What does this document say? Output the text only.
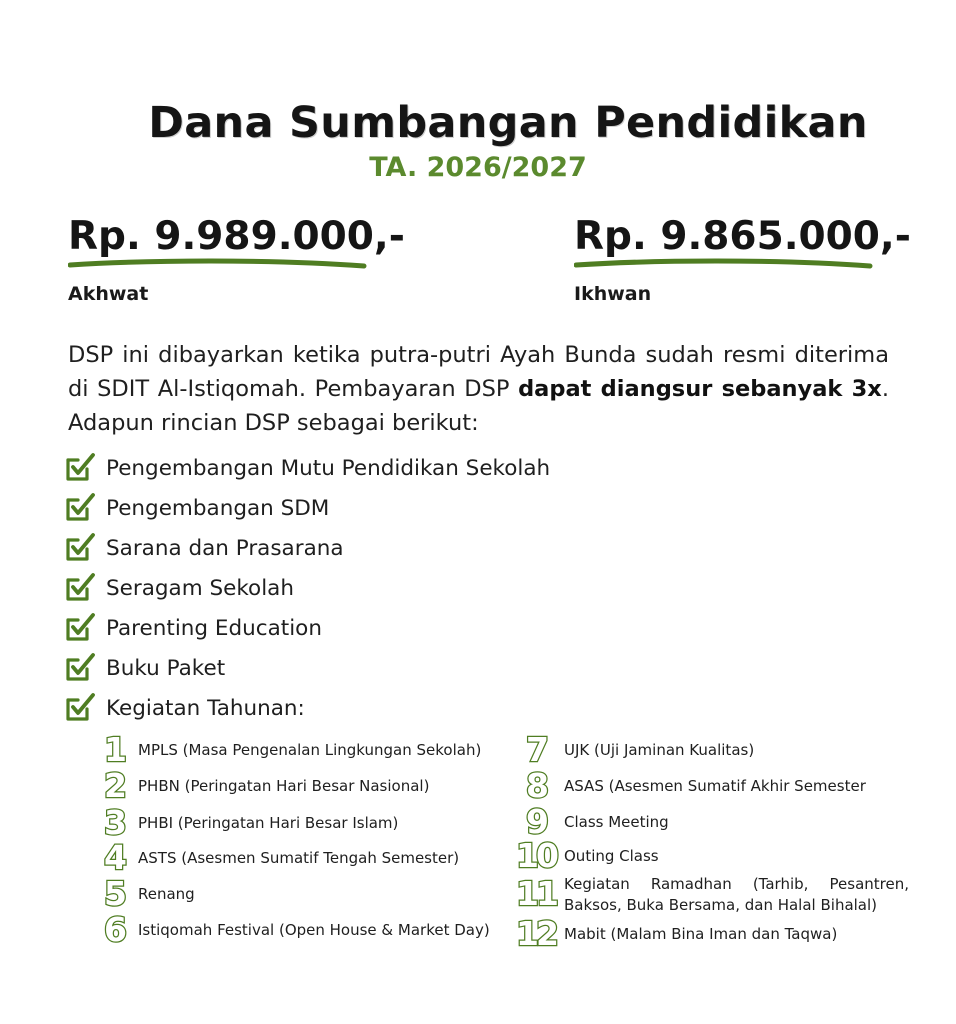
Dana Sumbangan Pendidikan
TA. 2026/2027
Rp. 9.989.000,-
Akhwat
Rp. 9.865.000,-
Ikhwan

DSP ini dibayarkan ketika putra-putri Ayah Bunda sudah resmi diterima di SDIT Al-Istiqomah. Pembayaran DSP dapat diangsur sebanyak 3x. Adapun rincian DSP sebagai berikut:

Pengembangan Mutu Pendidikan Sekolah
Pengembangan SDM
Sarana dan Prasarana
Seragam Sekolah
Parenting Education
Buku Paket
Kegiatan Tahunan:
1 MPLS (Masa Pengenalan Lingkungan Sekolah)
2 PHBN (Peringatan Hari Besar Nasional)
3 PHBI (Peringatan Hari Besar Islam)
4 ASTS (Asesmen Sumatif Tengah Semester)
5 Renang
6 Istiqomah Festival (Open House & Market Day)
7	UJK (Uji Jaminan Kualitas)
8	ASAS (Asesmen Sumatif Akhir Semester
9	Class Meeting
10 Outing Class
11 Kegiatan Ramadhan (Tarhib, Pesantren, Baksos, Buka Bersama, dan Halal Bihalal)
12 Mabit (Malam Bina Iman dan Taqwa)
